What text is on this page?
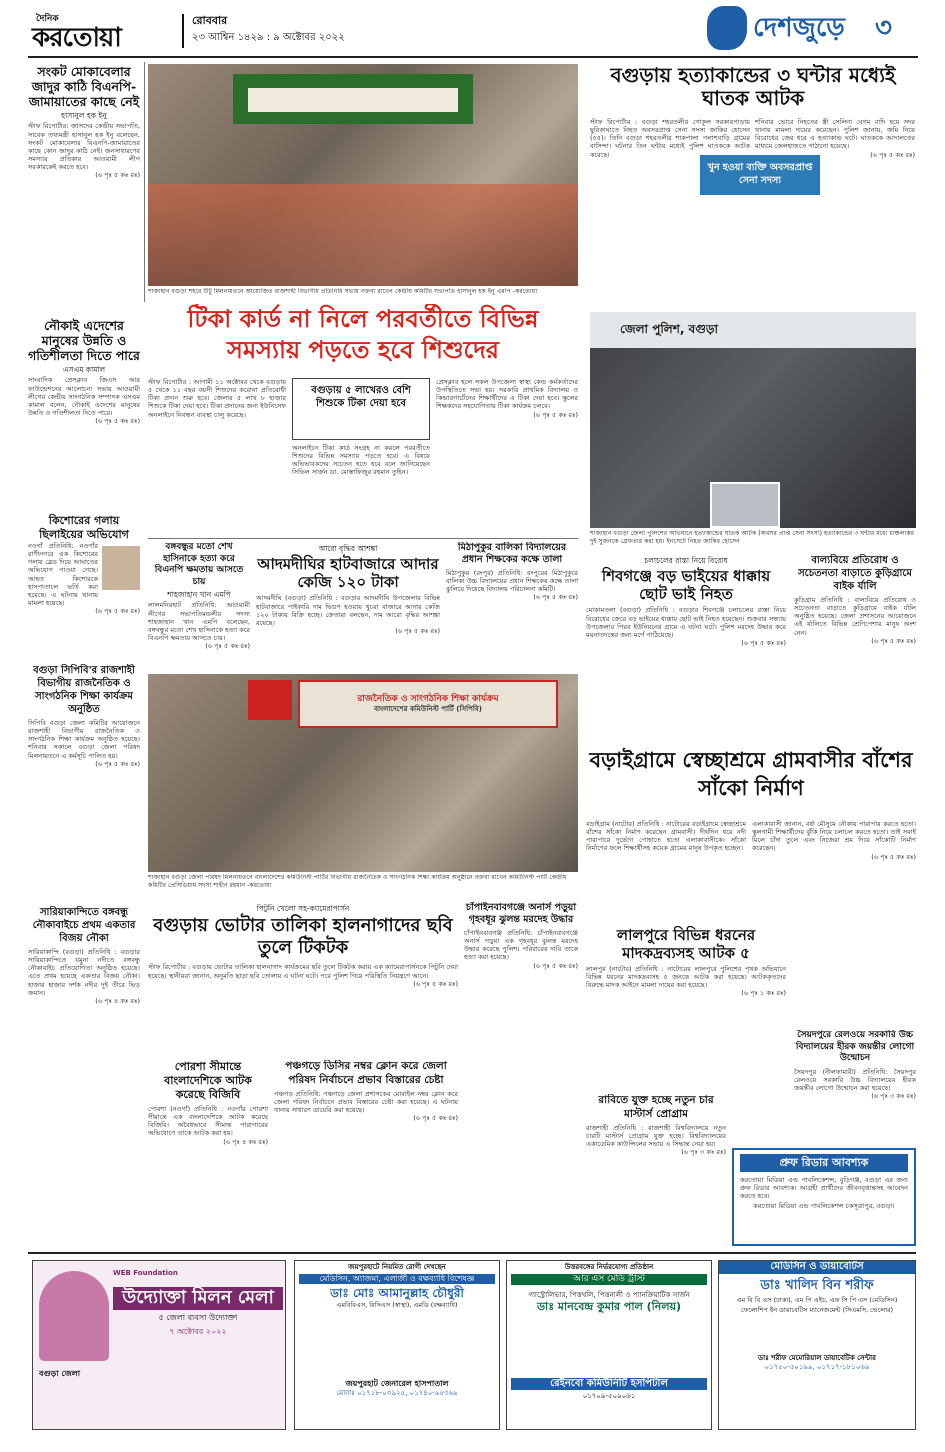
দৈনিক
করতোয়া
রোববার
২৩ আশ্বিন ১৪২৯ : ৯ অক্টোবর ২০২২	দেশজুড়ে ৩
সংকট মোকাবেলার জাদুর কাঠি বিএনপি-জামায়াতের কাছে নেই
হাসানুল হক ইনু
স্টাফ রিপোর্টার: জাসদের কেন্দ্রীয় সভাপতি, সাবেক তথ্যমন্ত্রী হাসানুল হক ইনু বলেছেন, সংকট মোকাবেলার বিএনপি-জামায়াতের কাছে কোন জাদুর কাঠি নেই। জনসাধারণের সমস্যার প্রতিকার আওয়ামী লীগ সরকারকেই করতে হবে।
(৬ পৃঃ ৫ কঃ রঃ)
শাজাহান বগুড়া শহরে টিটু মিলনায়তনে আয়োজিত রাজশাহী বিভাগীয় প্রতিনিধি সভায় বক্তব্য রাখেন কেন্দ্রীয় কমিটির সভাপতি হাসানুল হক ইনু এমপি -করতোয়া
বগুড়ায় হত্যাকান্ডের ৩ ঘন্টার মধ্যেই ঘাতক আটক
স্টাফ রিপোর্টার : বগুড়া শহরতলীর গোকুল সরকারপাড়ায় ছুরিকাঘাতে নিহত অবসরপ্রাপ্ত সেনা সদস্য জাকির হোসেন (৫৫)। তিনি বগুড়া শহরতলীর শাকপালা পলাশবাড়ি গ্রামের বাসিন্দা। ঘটনার তিন ঘন্টার মধ্যেই পুলিশ ঘাতককে আটক করেছে।
শনিবার ভোরে নিহতের স্ত্রী সেলিনা বেগম বাদি হয়ে সদর থানায় মামলা দায়ের করেছেন। পুলিশ জানায়, জমি নিয়ে বিরোধের জের ধরে এ হত্যাকান্ড ঘটে। ঘাতককে আদালতের মাধ্যমে জেলহাজতে পাঠানো হয়েছে।
(৬ পৃঃ ৫ কঃ রঃ)
খুন হওয়া ব্যক্তি অবসরপ্রাপ্ত সেনা সদস্য
জেলা পুলিশ, বগুড়া
শাজাহান বগুড়া জেলা পুলিশের অভিযানে হত্যাকান্ডের ঘাতক আটক (অবসর প্রাপ্ত সেনা সদস্য) হত্যাকান্ডের ৩ ঘন্টার মধ্যে চাঞ্চল্যকর দুই সুজনকে গ্রেফতার করা হয়। ইনসেটে নিহত জাকির হোসেন
নৌকাই এদেশের মানুষের উন্নতি ও গতিশীলতা দিতে পারে
এসএম কামাল
সাংবাদিক প্রেসক্লাব জিএস আর ফাউন্ডেশনের আলোচনা সভায় আওয়ামী লীগের কেন্দ্রীয় সাংগঠনিক সম্পাদক এসএম কামাল বলেন, নৌকাই এদেশের মানুষের উন্নতি ও গতিশীলতা দিতে পারে।
(৬ পৃঃ ৫ কঃ রঃ)
টিকা কার্ড না নিলে পরবর্তীতে বিভিন্ন সমস্যায় পড়তে হবে শিশুদের
স্টাফ রিপোর্টার : আগামী ১১ অক্টোবর থেকে বগুড়ায় ৫ থেকে ১১ বছর বয়সী শিশুদের করোনা প্রতিরোধী টিকা প্রদান শুরু হবে। জেলার ৫ লাখ ৮ হাজার শিশুকে টিকা দেয়া হবে। টিকা প্রদানের জন্য ইউনিসেফ অনলাইনে নিবন্ধন ব্যবস্থা চালু করেছে।
বগুড়ায় ৫ লাখেরও বেশি শিশুকে টিকা দেয়া হবে
অনলাইনে টিকা কার্ড সংগ্রহ না করলে পরবর্তীতে শিশুদের বিভিন্ন সমস্যায় পড়তে হবে। এ বিষয়ে অভিভাবকদের সচেতন হতে হবে বলে জানিয়েছেন সিভিল সার্জন ডা. মোস্তাফিজুর রহমান তুহিন।
প্রেসক্লাব হলে সকল উপজেলা স্বাস্থ্য কেন্দ্র কর্মকর্তাদের উপস্থিতিতে সভা হয়। সরকারি প্রাথমিক বিদ্যালয় ও কিন্ডারগার্টেনের শিক্ষার্থীদের এ টিকা দেয়া হবে। স্কুলের শিক্ষকদের সহযোগিতায় টিকা কার্যক্রম চলবে।
(৬ পৃঃ ৫ কঃ রঃ)
কিশোরের গলায় ছিলাইয়ের অভিযোগ
নওগাঁ প্রতিনিধি: নওগাঁর রাণীনগরে এক কিশোরের গলায় ব্লেড দিয়ে আঘাতের অভিযোগ পাওয়া গেছে। আহত কিশোরকে হাসপাতালে ভর্তি করা হয়েছে। এ ঘটনায় থানায় মামলা হয়েছে।
(৬ পৃঃ ৫ কঃ রঃ)
বঙ্গবন্ধুর মতো শেখ হাসিনাকে হত্যা করে বিএনপি ক্ষমতায় আসতে চায়
শাহজাহান খান এমপি
লালমনিরহাট প্রতিনিধি: আওয়ামী লীগের সভাপতিমন্ডলীর সদস্য শাহজাহান খান এমপি বলেছেন, বঙ্গবন্ধুর মতো শেখ হাসিনাকে হত্যা করে বিএনপি ক্ষমতায় আসতে চায়।
(৬ পৃঃ ৫ কঃ রঃ)
আরো বৃদ্ধির আশঙ্কা
আদমদীঘির হাটবাজারে আদার কেজি ১২০ টাকা
আদমদীঘি (বগুড়া) প্রতিনিধি : বগুড়ার আদমদীঘি উপজেলার বিভিন্ন হাটবাজারে পাইকারি দাম দ্বিগুণ হওয়ায় খুচরা বাজারে আদার কেজি ১২০ টাকায় বিক্রি হচ্ছে। ক্রেতারা বলছেন, দাম আরো বৃদ্ধির আশঙ্কা রয়েছে।
(৬ পৃঃ ৫ কঃ রঃ)
মিঠাপুকুর বালিকা বিদ্যালয়ের প্রধান শিক্ষকের কক্ষে তালা
মিঠাপুকুর (রংপুর) প্রতিনিধি: রংপুরের মিঠাপুকুরে বালিকা উচ্চ বিদ্যালয়ের প্রধান শিক্ষকের কক্ষে তালা ঝুলিয়ে দিয়েছে বিদ্যালয় পরিচালনা কমিটি।
(৬ পৃঃ ৫ কঃ রঃ)
চলাচলের রাস্তা নিয়ে বিরোধ
শিবগঞ্জে বড় ভাইয়ের ধাক্কায় ছোট ভাই নিহত
মোকামতলা (বগুড়া) প্রতিনিধি : বগুড়ার শিবগঞ্জে চলাচলের রাস্তা নিয়ে বিরোধের জেরে বড় ভাইয়ের ধাক্কায় ছোট ভাই নিহত হয়েছেন। শুক্রবার সন্ধ্যায় উপজেলার পিরব ইউনিয়নের গ্রামে এ ঘটনা ঘটে। পুলিশ মরদেহ উদ্ধার করে ময়নাতদন্তের জন্য মর্গে পাঠিয়েছে।
(৬ পৃঃ ৫ কঃ রঃ)
বাল্যবিয়ে প্রতিরোধ ও সচেতনতা বাড়াতে কুড়িগ্রামে বাইক র্যালি
কুড়িগ্রাম প্রতিনিধি : বাল্যবিয়ে প্রতিরোধ ও সচেতনতা বাড়াতে কুড়িগ্রামে বাইক র্যালি অনুষ্ঠিত হয়েছে। জেলা প্রশাসনের আয়োজনে এই র্যালিতে বিভিন্ন শ্রেণিপেশার মানুষ অংশ নেন।
(৬ পৃঃ ৫ কঃ রঃ)
বগুড়া সিপিবি'র রাজশাহী বিভাগীয় রাজনৈতিক ও সাংগঠনিক শিক্ষা কার্যক্রম অনুষ্ঠিত
সিপিবি বগুড়া জেলা কমিটির আয়োজনে রাজশাহী বিভাগীয় রাজনৈতিক ও সাংগঠনিক শিক্ষা কার্যক্রম অনুষ্ঠিত হয়েছে। শনিবার সকালে বগুড়া জেলা পরিষদ মিলনায়তনে এ কর্মসূচি পালিত হয়।
(৬ পৃঃ ৫ কঃ রঃ)
রাজনৈতিক ও সাংগঠনিক শিক্ষা কার্যক্রম
বাংলাদেশের কমিউনিস্ট পার্টি (সিপিবি)
শাজাহান বগুড়া জেলা পরিষদ মিলনায়তনে বাংলাদেশের কমিউনিস্ট পার্টির বিভাগীয় রাজনৈতিক ও সাংগঠনিক শিক্ষা কার্যক্রম অনুষ্ঠানে বক্তব্য রাখেন কমিউনিস্ট পার্টি কেন্দ্রীয় কমিটির প্রেসিডিয়াম সদস্য শাহীন রহমান -করতোয়া
বড়াইগ্রামে স্বেচ্ছাশ্রমে গ্রামবাসীর বাঁশের সাঁকো নির্মাণ
বড়াইগ্রাম (নাটোর) প্রতিনিধি : নাটোরের বড়াইগ্রামে স্বেচ্ছাশ্রমে বাঁশের সাঁকো নির্মাণ করেছেন গ্রামবাসী। দীর্ঘদিন ধরে নদী পারাপারে দুর্ভোগ পোহাতে হতো এলাকাবাসীকে। সাঁকো নির্মাণের ফলে শিক্ষার্থীসহ কয়েক গ্রামের মানুষ উপকৃত হচ্ছেন।
এলাকাবাসী জানান, বর্ষা মৌসুমে নৌকায় পারাপার করতে হতো। স্কুলগামী শিক্ষার্থীদের ঝুঁকি নিয়ে চলাচল করতে হতো। তাই সবাই মিলে চাঁদা তুলে এবং নিজেরা শ্রম দিয়ে সাঁকোটি নির্মাণ করেছেন।
(৬ পৃঃ ৫ কঃ রঃ)
সারিয়াকান্দিতে বঙ্গবন্ধু নৌকাবাইচে প্রথম একতার বিজয় নৌকা
সারিয়াকান্দি (বগুড়া) প্রতিনিধি : বগুড়ার সারিয়াকান্দিতে যমুনা নদীতে বঙ্গবন্ধু নৌকাবাইচ প্রতিযোগিতা অনুষ্ঠিত হয়েছে। এতে প্রথম হয়েছে একতার বিজয় নৌকা। হাজার হাজার দর্শক নদীর দুই তীরে ভিড় জমান।
(৬ পৃঃ ৪ কঃ রঃ)
পিটুনি খেলো সহ-ক্যামেরাপার্সন
বগুড়ায় ভোটার তালিকা হালনাগাদের ছবি তুলে টিকটক
স্টাফ রিপোর্টার : বগুড়ায় ভোটার তালিকা হালনাগাদ কার্যক্রমের ছবি তুলে টিকটক করায় এক ক্যামেরাপার্সনকে পিটুনি দেয়া হয়েছে। স্থানীয়রা জানান, অনুমতি ছাড়া ছবি তোলায় এ ঘটনা ঘটে। পরে পুলিশ গিয়ে পরিস্থিতি নিয়ন্ত্রণে আনে।
(৬ পৃঃ ৫ কঃ রঃ)
চাঁপাইনবাবগঞ্জে অনার্স পড়ুয়া গৃহবধূর ঝুলন্ত মরদেহ উদ্ধার
চাঁপাইনবাবগঞ্জ প্রতিনিধি: চাঁপাইনবাবগঞ্জে অনার্স পড়ুয়া এক গৃহবধূর ঝুলন্ত মরদেহ উদ্ধার করেছে পুলিশ। পরিবারের দাবি তাকে হত্যা করা হয়েছে।
(৬ পৃঃ ৫ কঃ রঃ)
লালপুরে বিভিন্ন ধরনের মাদকদ্রব্যসহ আটক ৫
লালপুর (নাটোর) প্রতিনিধি : নাটোরের লালপুরে পুলিশের পৃথক অভিযানে বিভিন্ন ধরনের মাদকদ্রব্যসহ ৫ জনকে আটক করা হয়েছে। আটককৃতদের বিরুদ্ধে মাদক আইনে মামলা দায়ের করা হয়েছে।
(৬ পৃঃ ১ কঃ রঃ)
সৈয়দপুরে রেলওয়ে সরকারি উচ্চ বিদ্যালয়ের হীরক জয়ন্তীর লোগো উন্মোচন
সৈয়দপুর (নীলফামারী) প্রতিনিধি: সৈয়দপুর রেলওয়ে সরকারি উচ্চ বিদ্যালয়ের হীরক জয়ন্তীর লোগো উন্মোচন করা হয়েছে।
(৬ পৃঃ ৩ কঃ রঃ)
পোরশা সীমান্তে বাংলাদেশিকে আটক করেছে বিজিবি
পোরশা (নওগাঁ) প্রতিনিধি : নওগাঁর পোরশা সীমান্তে এক বাংলাদেশিকে আটক করেছে বিজিবি। অবৈধভাবে সীমান্ত পারাপারের অভিযোগে তাকে আটক করা হয়।
(৬ পৃঃ ৪ কঃ রঃ)
পঞ্চগড়ে ডিসির নম্বর ক্লোন করে জেলা পরিষদ নির্বাচনে প্রভাব বিস্তারের চেষ্টা
পঞ্চগড় প্রতিনিধি: পঞ্চগড়ে জেলা প্রশাসকের মোবাইল নম্বর ক্লোন করে জেলা পরিষদ নির্বাচনে প্রভাব বিস্তারের চেষ্টা করা হয়েছে। এ ঘটনায় থানায় সাধারণ ডায়েরি করা হয়েছে।
(৬ পৃঃ ৫ কঃ রঃ)
রাবিতে যুক্ত হচ্ছে নতুন চার মাস্টার্স প্রোগ্রাম
রাজশাহী প্রতিনিধি : রাজশাহী বিশ্ববিদ্যালয়ে নতুন চারটি মাস্টার্স প্রোগ্রাম যুক্ত হচ্ছে। বিশ্ববিদ্যালয়ের একাডেমিক কাউন্সিলের সভায় এ সিদ্ধান্ত নেয়া হয়।
(৬ পৃঃ ৩ কঃ রঃ)
প্রুফ রিডার আবশ্যক
করতোয়া মিডিয়া এন্ড পাবলিকেশন্স, বুড়িগঞ্জ, বগুড়া এর জন্য প্রুফ রিডার আবশ্যক। আগ্রহী প্রার্থীদের জীবনবৃত্তান্তসহ আবেদন করতে হবে।
করতোয়া মিডিয়া এন্ড পাবলিকেশন্স চকসূত্রাপুর, বগুড়া।
WEB Foundation
উদ্যোক্তা মিলন মেলা
৫ জেলা ব্যবসা উদ্যোক্তা
৭ অক্টোবর ২০২২
বগুড়া জেলা
জয়পুরহাটে নিয়মিত রোগী দেখছেন
মেডিসিন, অ্যাজমা, এলার্জী ও বক্ষব্যাধি বিশেষজ্ঞ
ডাঃ মোঃ আমানুল্লাহ চৌধুরী
এমবিবিএস, বিসিএস (স্বাস্থ্য), এমডি (বক্ষব্যাধি)
জয়পুরহাট জেনারেল হাসপাতাল
মোবাঃ ০১৭১৮-০৩৯২৫, ০১৭৪০-৯৫৩৬৯
উত্তরবঙ্গের নির্ভরযোগ্য প্রতিষ্ঠান
আর এস মেডি ট্রাস্ট
গ্যাস্ট্রোলিভার, পিত্তথলি, পিত্তনালী ও প্যানক্রিয়াটিক সার্জন
ডাঃ মানবেন্দ্র কুমার পাল (নিলয়)
রেইনবো কমিউনিটি হসপিটাল
০১৭০৯-৫০৯০৬১
মেডিসিন ও ডায়াবেটিস
ডাঃ খালিদ বিন শরীফ
এম বি বি এস (ঢাকা), এম পি এইচ, এফ সি পি এস (মেডিসিন)
ফেলোশিপ ইন ডায়াবেটিস ম্যানেজমেন্ট (সিএমসি, ভেলোর)
ডাঃ শরীফ মেমোরিয়াল ডায়াবেটিক সেন্টার
০১৭৫০-৫০১৯৯, ০১৭১৭-১৮১০৬৯
